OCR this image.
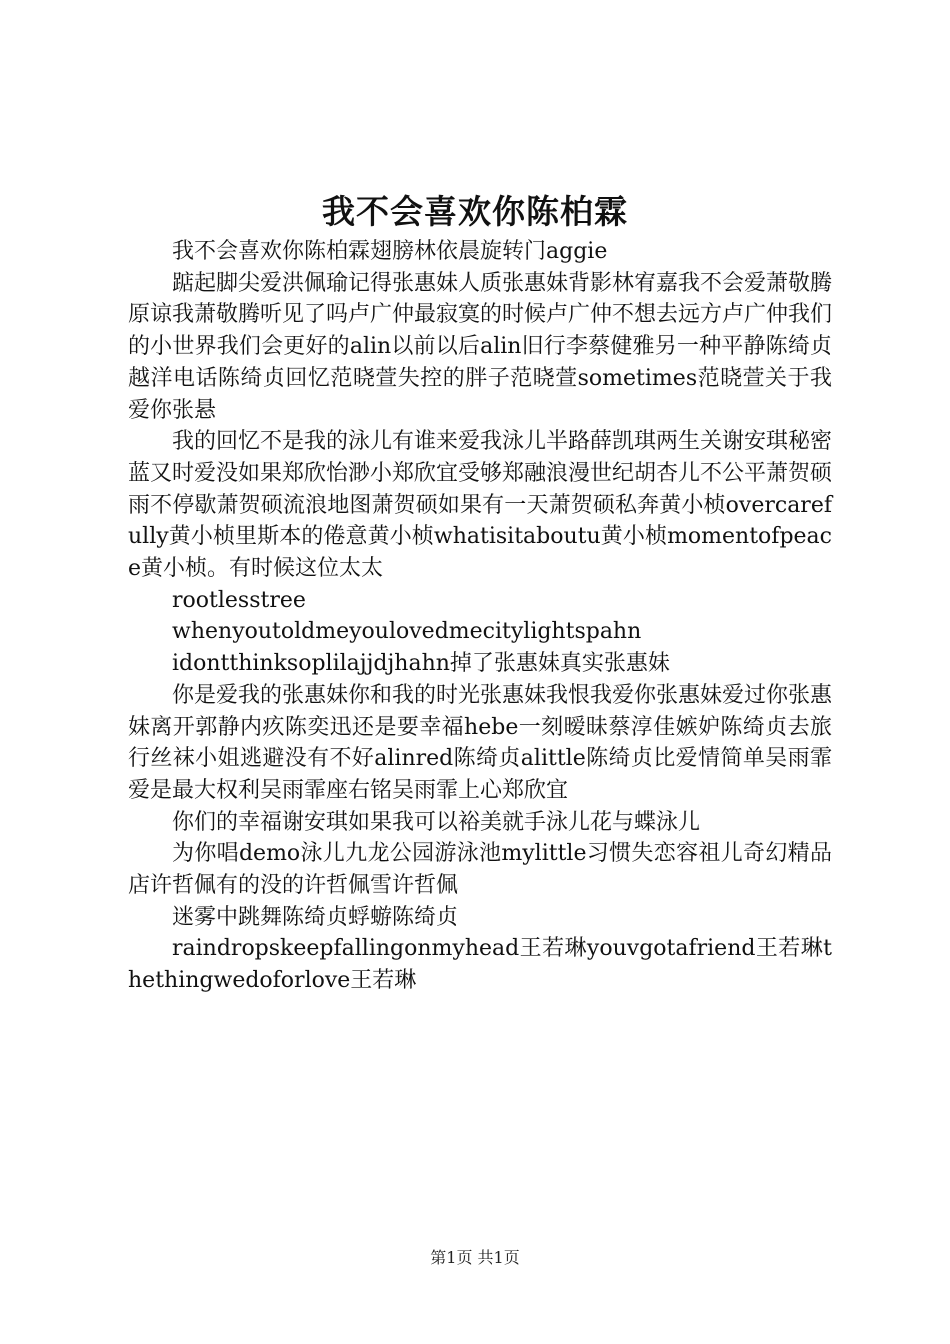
我不会喜欢你陈柏霖

我不会喜欢你陈柏霖翅膀林依晨旋转门aggie

踮起脚尖爱洪佩瑜记得张惠妹人质张惠妹背影林宥嘉我不会爱萧敬腾原谅我萧敬腾听见了吗卢广仲最寂寞的时候卢广仲不想去远方卢广仲我们的小世界我们会更好的alin以前以后alin旧行李蔡健雅另一种平静陈绮贞越洋电话陈绮贞回忆范晓萱失控的胖子范晓萱sometimes范晓萱关于我爱你张悬

我的回忆不是我的泳儿有谁来爱我泳儿半路薛凯琪两生关谢安琪秘密蓝又时爱没如果郑欣怡渺小郑欣宜受够郑融浪漫世纪胡杏儿不公平萧贺硕雨不停歇萧贺硕流浪地图萧贺硕如果有一天萧贺硕私奔黄小桢overcarefully黄小桢里斯本的倦意黄小桢whatisitaboutu黄小桢momentofpeace黄小桢。有时候这位太太

rootlesstree

whenyoutoldmeyoulovedmecitylightspahn

idontthinksoplilajjdjhahn掉了张惠妹真实张惠妹

你是爱我的张惠妹你和我的时光张惠妹我恨我爱你张惠妹爱过你张惠妹离开郭静内疚陈奕迅还是要幸福hebe一刻暧昧蔡淳佳嫉妒陈绮贞去旅行丝袜小姐逃避没有不好alinred陈绮贞alittle陈绮贞比爱情简单吴雨霏爱是最大权利吴雨霏座右铭吴雨霏上心郑欣宜

你们的幸福谢安琪如果我可以裕美就手泳儿花与蝶泳儿

为你唱demo泳儿九龙公园游泳池mylittle习惯失恋容祖儿奇幻精品店许哲佩有的没的许哲佩雪许哲佩

迷雾中跳舞陈绮贞蜉蝣陈绮贞

raindropskeepfallingonmyhead王若琳youvgotafriend王若琳thethingwedoforlove王若琳

第1页 共1页
